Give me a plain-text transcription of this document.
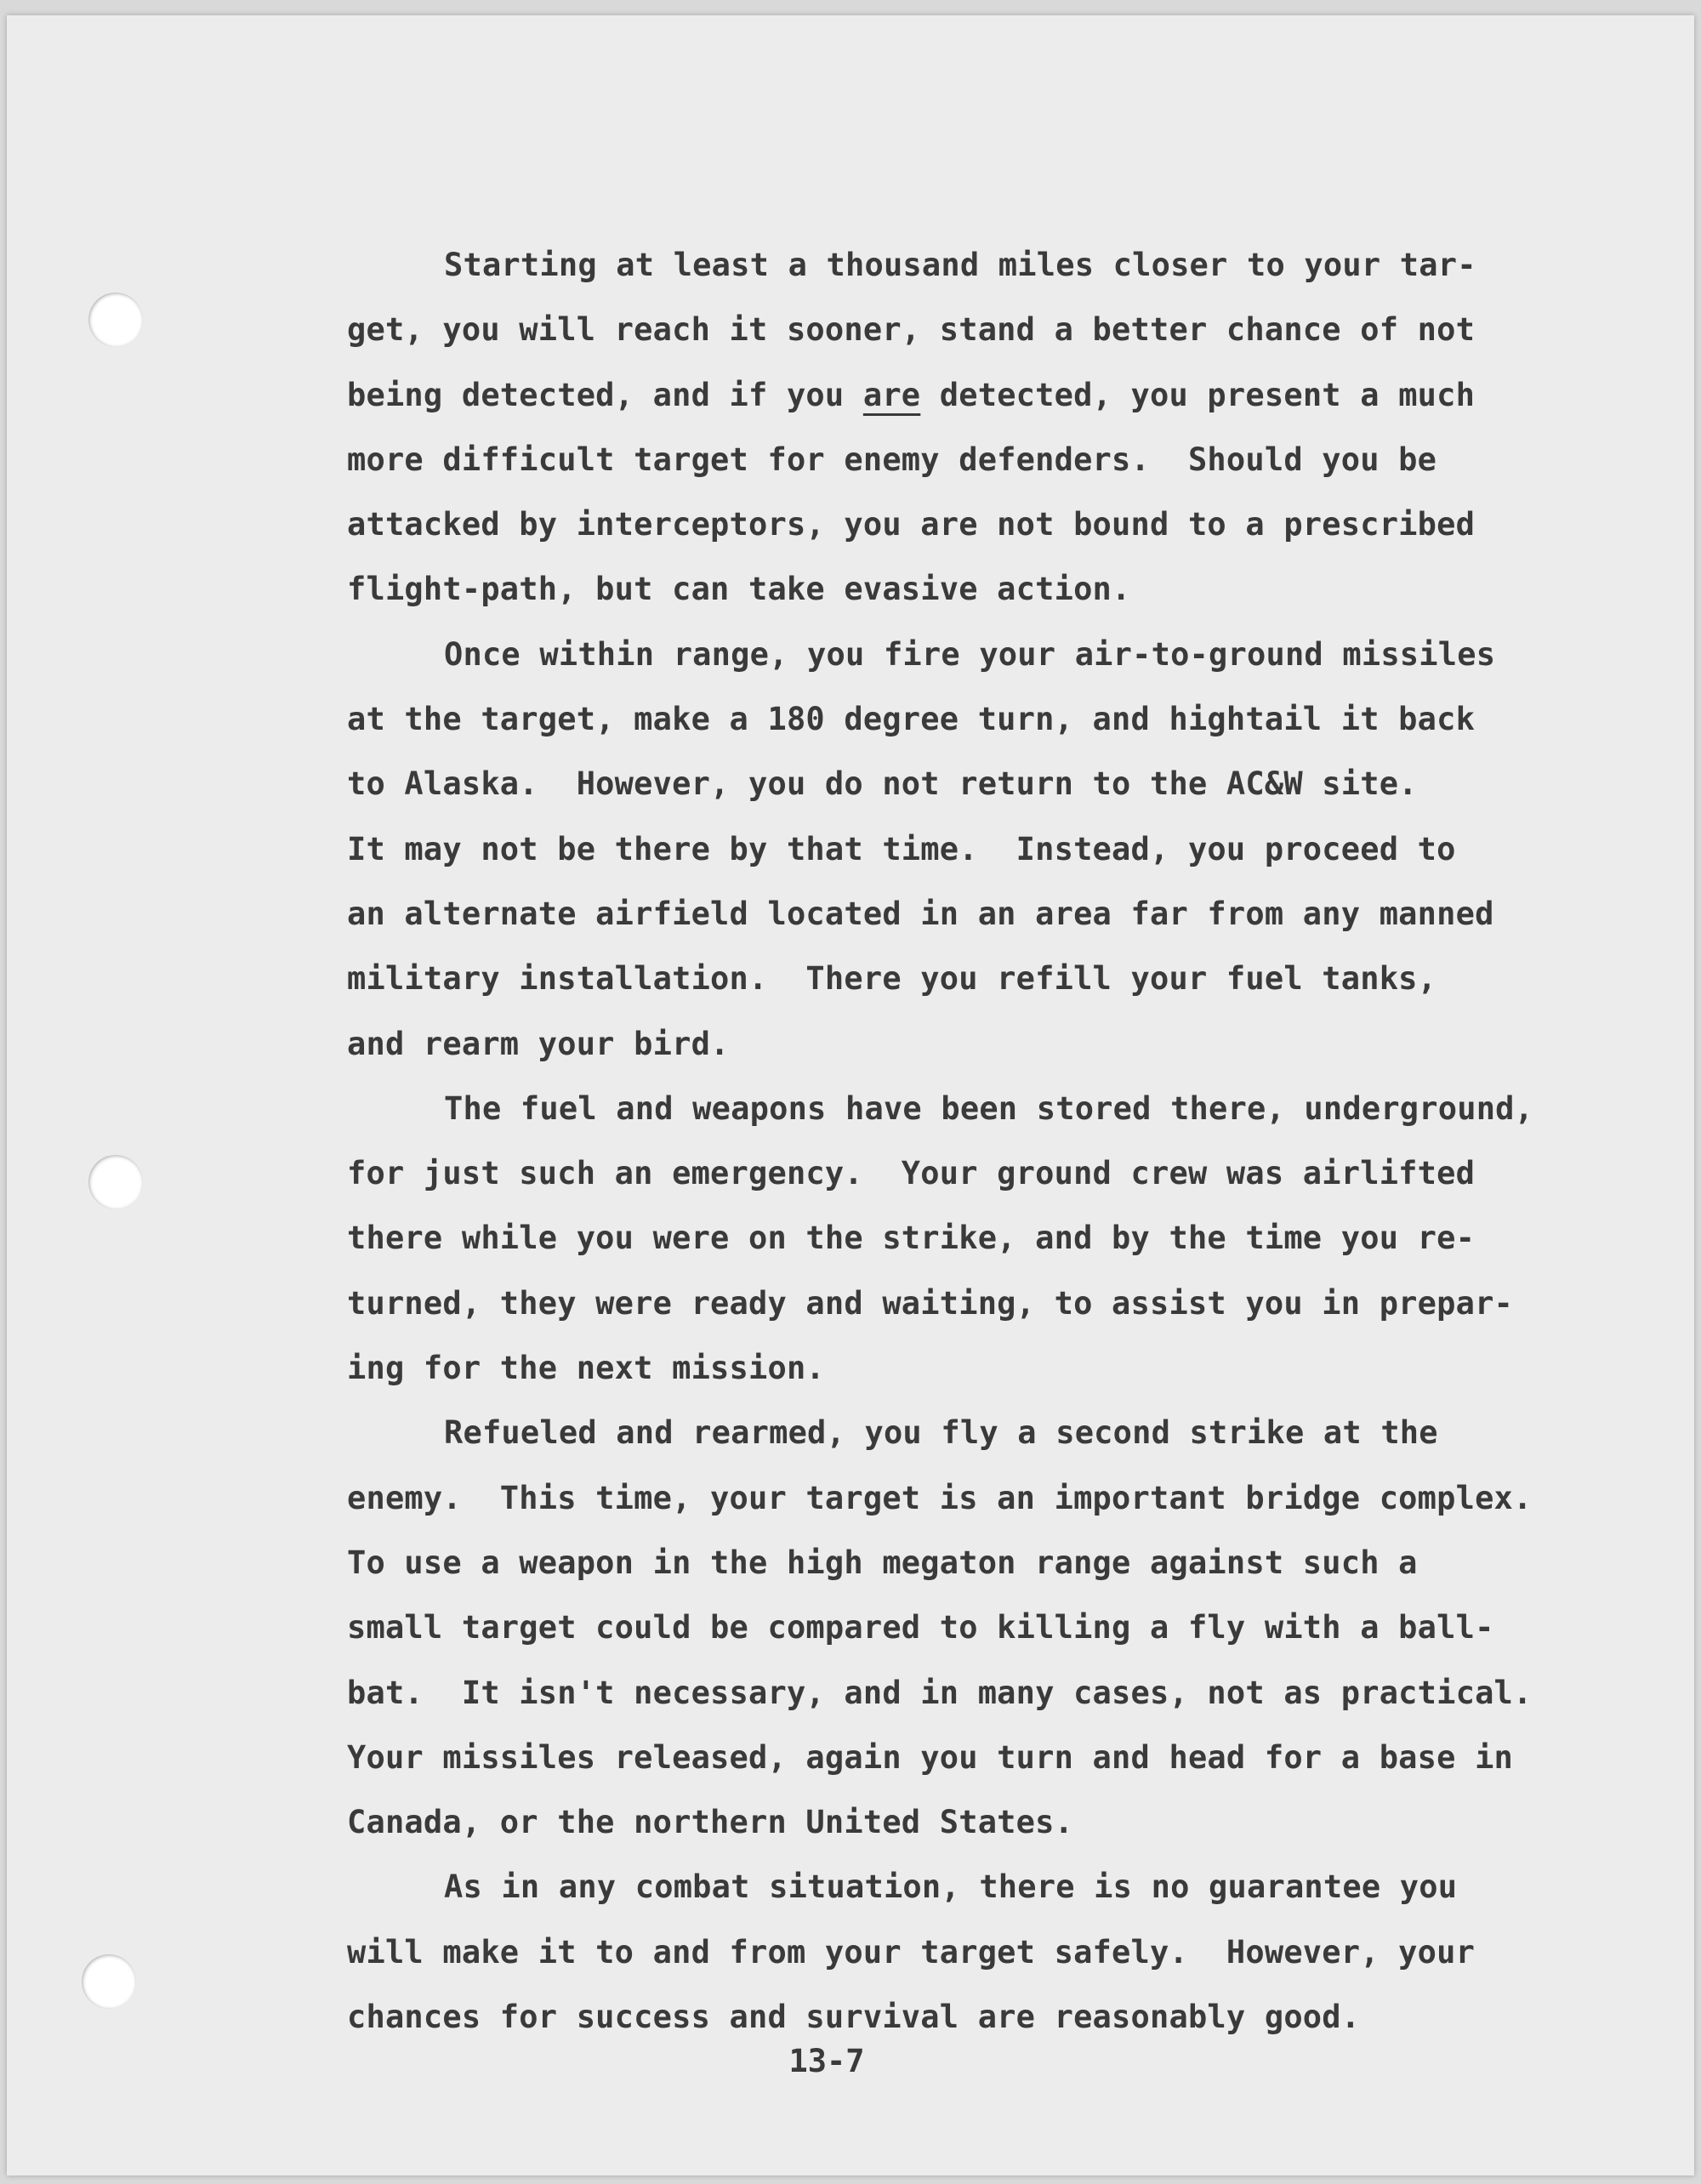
Starting at least a thousand miles closer to your tar-
get, you will reach it sooner, stand a better chance of not
being detected, and if you are detected, you present a much
more difficult target for enemy defenders.  Should you be
attacked by interceptors, you are not bound to a prescribed
flight-path, but can take evasive action.
Once within range, you fire your air-to-ground missiles
at the target, make a 180 degree turn, and hightail it back
to Alaska.  However, you do not return to the AC&W site.
It may not be there by that time.  Instead, you proceed to
an alternate airfield located in an area far from any manned
military installation.  There you refill your fuel tanks,
and rearm your bird.
The fuel and weapons have been stored there, underground,
for just such an emergency.  Your ground crew was airlifted
there while you were on the strike, and by the time you re-
turned, they were ready and waiting, to assist you in prepar-
ing for the next mission.
Refueled and rearmed, you fly a second strike at the
enemy.  This time, your target is an important bridge complex.
To use a weapon in the high megaton range against such a
small target could be compared to killing a fly with a ball-
bat.  It isn't necessary, and in many cases, not as practical.
Your missiles released, again you turn and head for a base in
Canada, or the northern United States.
As in any combat situation, there is no guarantee you
will make it to and from your target safely.  However, your
chances for success and survival are reasonably good.
13-7
